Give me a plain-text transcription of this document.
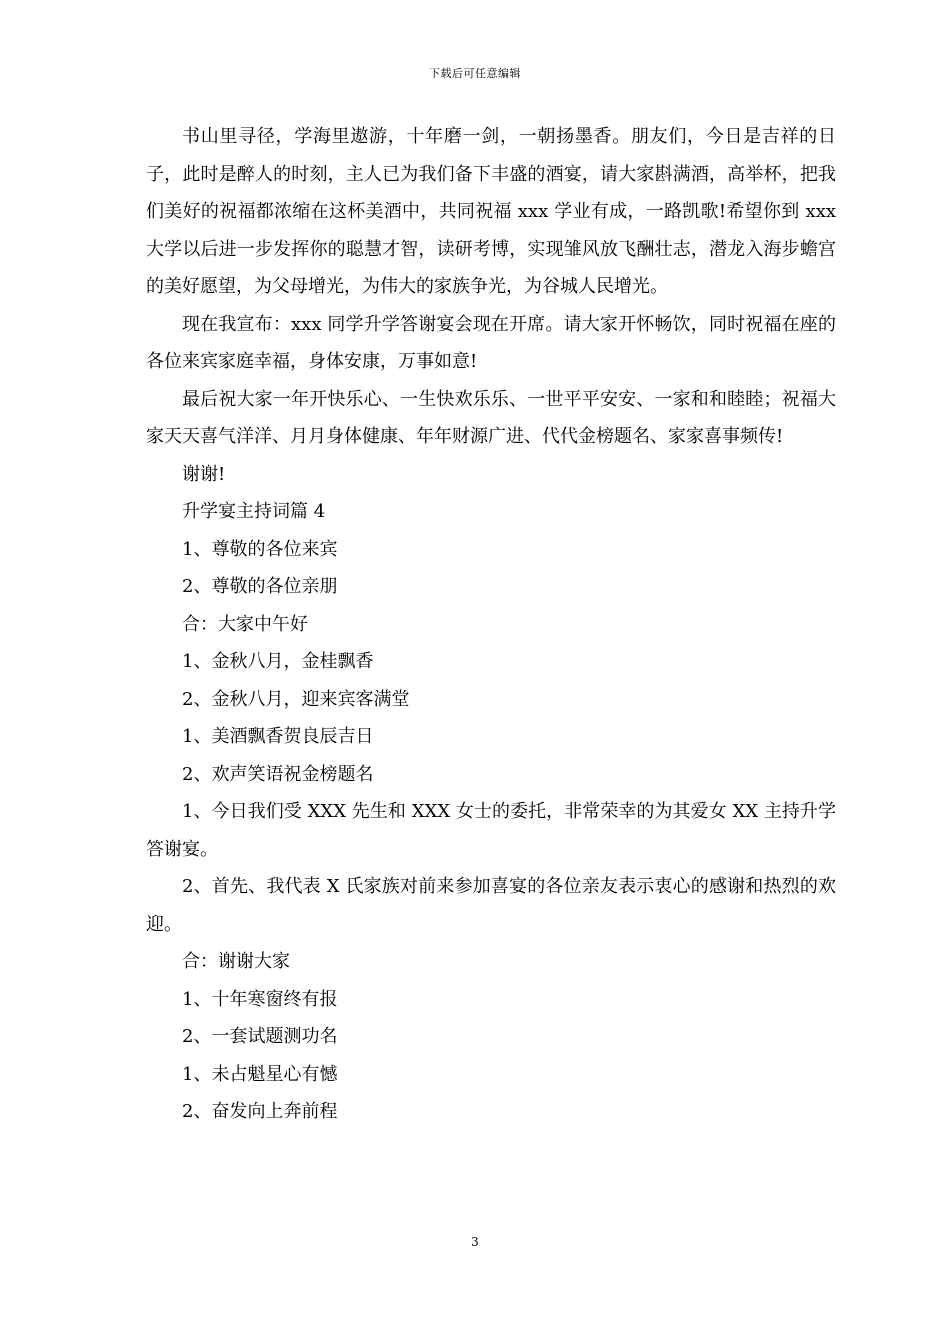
下载后可任意编辑

书山里寻径，学海里遨游，十年磨一剑，一朝扬墨香。朋友们，今日是吉祥的日子，此时是醉人的时刻，主人已为我们备下丰盛的酒宴，请大家斟满酒，高举杯，把我们美好的祝福都浓缩在这杯美酒中，共同祝福 xxx 学业有成，一路凯歌!希望你到 xxx 大学以后进一步发挥你的聪慧才智，读研考博，实现雏风放飞酬壮志，潜龙入海步蟾宫的美好愿望，为父母增光，为伟大的家族争光，为谷城人民增光。

现在我宣布：xxx 同学升学答谢宴会现在开席。请大家开怀畅饮，同时祝福在座的各位来宾家庭幸福，身体安康，万事如意!

最后祝大家一年开快乐心、一生快欢乐乐、一世平平安安、一家和和睦睦；祝福大家天天喜气洋洋、月月身体健康、年年财源广进、代代金榜题名、家家喜事频传!

谢谢!

升学宴主持词篇 4

1、尊敬的各位来宾

2、尊敬的各位亲朋

合：大家中午好

1、金秋八月，金桂飘香

2、金秋八月，迎来宾客满堂

1、美酒飘香贺良辰吉日

2、欢声笑语祝金榜题名

1、今日我们受 XXX 先生和 XXX 女士的委托，非常荣幸的为其爱女 XX 主持升学答谢宴。

2、首先、我代表 X 氏家族对前来参加喜宴的各位亲友表示衷心的感谢和热烈的欢迎。

合：谢谢大家

1、十年寒窗终有报

2、一套试题测功名

1、未占魁星心有憾

2、奋发向上奔前程

3
